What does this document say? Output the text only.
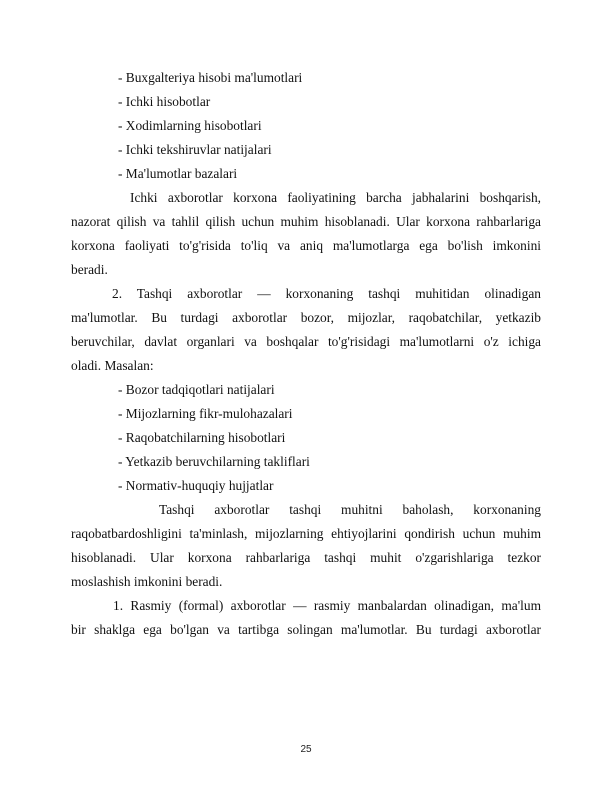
- Buxgalteriya hisobi ma'lumotlari
- Ichki hisobotlar
- Xodimlarning hisobotlari
- Ichki tekshiruvlar natijalari
- Ma'lumotlar bazalari
Ichki axborotlar korxona faoliyatining barcha jabhalarini boshqarish,
nazorat qilish va tahlil qilish uchun muhim hisoblanadi. Ular korxona rahbarlariga
korxona faoliyati to'g'risida to'liq va aniq ma'lumotlarga ega bo'lish imkonini
beradi.
2. Tashqi axborotlar — korxonaning tashqi muhitidan olinadigan
ma'lumotlar. Bu turdagi axborotlar bozor, mijozlar, raqobatchilar, yetkazib
beruvchilar, davlat organlari va boshqalar to'g'risidagi ma'lumotlarni o'z ichiga
oladi. Masalan:
- Bozor tadqiqotlari natijalari
- Mijozlarning fikr-mulohazalari
- Raqobatchilarning hisobotlari
- Yetkazib beruvchilarning takliflari
- Normativ-huquqiy hujjatlar
Tashqi axborotlar tashqi muhitni baholash, korxonaning
raqobatbardoshligini ta'minlash, mijozlarning ehtiyojlarini qondirish uchun muhim
hisoblanadi. Ular korxona rahbarlariga tashqi muhit o'zgarishlariga tezkor
moslashish imkonini beradi.
1. Rasmiy (formal) axborotlar — rasmiy manbalardan olinadigan, ma'lum
bir shaklga ega bo'lgan va tartibga solingan ma'lumotlar. Bu turdagi axborotlar
25
